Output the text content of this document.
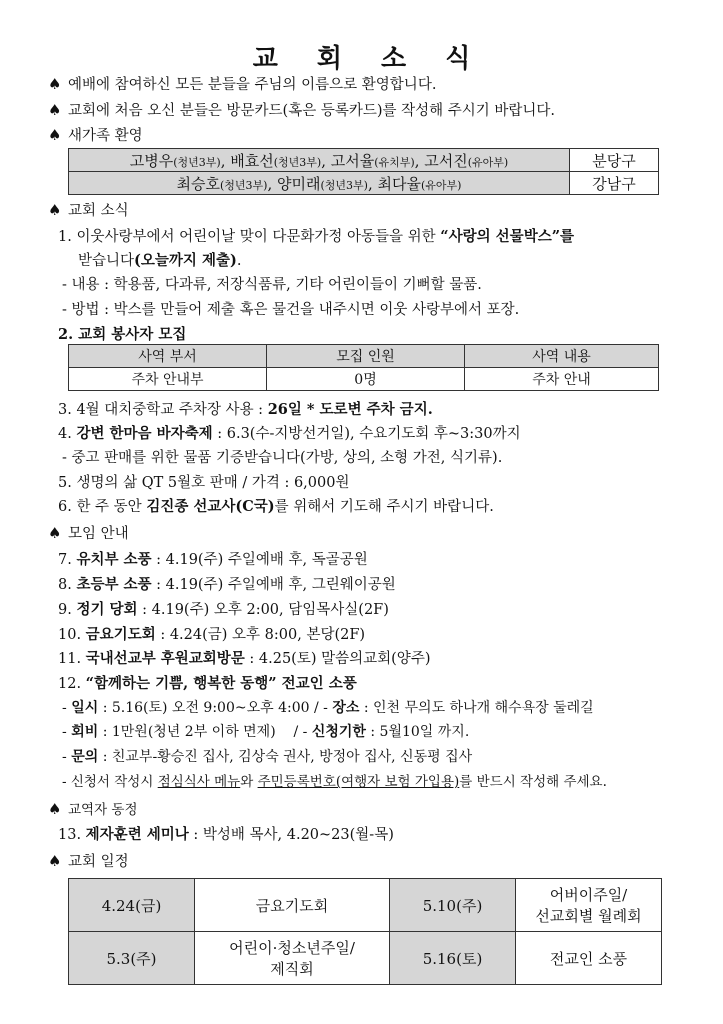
교 회 소 식
♠ 예배에 참여하신 모든 분들을 주님의 이름으로 환영합니다.
♠ 교회에 처음 오신 분들은 방문카드(혹은 등록카드)를 작성해 주시기 바랍니다.
♠ 새가족 환영
고병우(청년3부), 배효선(청년3부), 고서율(유치부), 고서진(유아부)	분당구
최승호(청년3부), 양미래(청년3부), 최다율(유아부)	강남구
♠ 교회 소식
1. 이웃사랑부에서 어린이날 맞이 다문화가정 아동들을 위한 “사랑의 선물박스”를
받습니다(오늘까지 제출).
- 내용 : 학용품, 다과류, 저장식품류, 기타 어린이들이 기뻐할 물품.
- 방법 : 박스를 만들어 제출 혹은 물건을 내주시면 이웃 사랑부에서 포장.
2. 교회 봉사자 모집
사역 부서	모집 인원	사역 내용
주차 안내부	0명	주차 안내
3. 4월 대치중학교 주차장 사용 : 26일 * 도로변 주차 금지.
4. 강변 한마음 바자축제 : 6.3(수-지방선거일), 수요기도회 후~3:30까지
- 중고 판매를 위한 물품 기증받습니다(가방, 상의, 소형 가전, 식기류).
5. 생명의 삶 QT 5월호 판매 / 가격 : 6,000원
6. 한 주 동안 김진종 선교사(C국)를 위해서 기도해 주시기 바랍니다.
♠ 모임 안내
7. 유치부 소풍 : 4.19(주) 주일예배 후, 독골공원
8. 초등부 소풍 : 4.19(주) 주일예배 후, 그린웨이공원
9. 정기 당회 : 4.19(주) 오후 2:00, 담임목사실(2F)
10. 금요기도회 : 4.24(금) 오후 8:00, 본당(2F)
11. 국내선교부 후원교회방문 : 4.25(토) 말씀의교회(양주)
12. “함께하는 기쁨, 행복한 동행” 전교인 소풍
- 일시 : 5.16(토) 오전 9:00~오후 4:00 / - 장소 : 인천 무의도 하나개 해수욕장 둘레길
- 회비 : 1만원(청년 2부 이하 면제)    / - 신청기한 : 5월10일 까지.
- 문의 : 친교부-황승진 집사, 김상숙 권사, 방정아 집사, 신동평 집사
- 신청서 작성시 점심식사 메뉴와 주민등록번호(여행자 보험 가입용)를 반드시 작성해 주세요.
♠ 교역자 동정
13. 제자훈련 세미나 : 박성배 목사, 4.20~23(월-목)
♠ 교회 일정
4.24(금)	금요기도회	5.10(주)	어버이주일/
선교회별 월례회

5.3(주)	어린이·청소년주일/
제직회	5.16(토)	전교인 소풍
